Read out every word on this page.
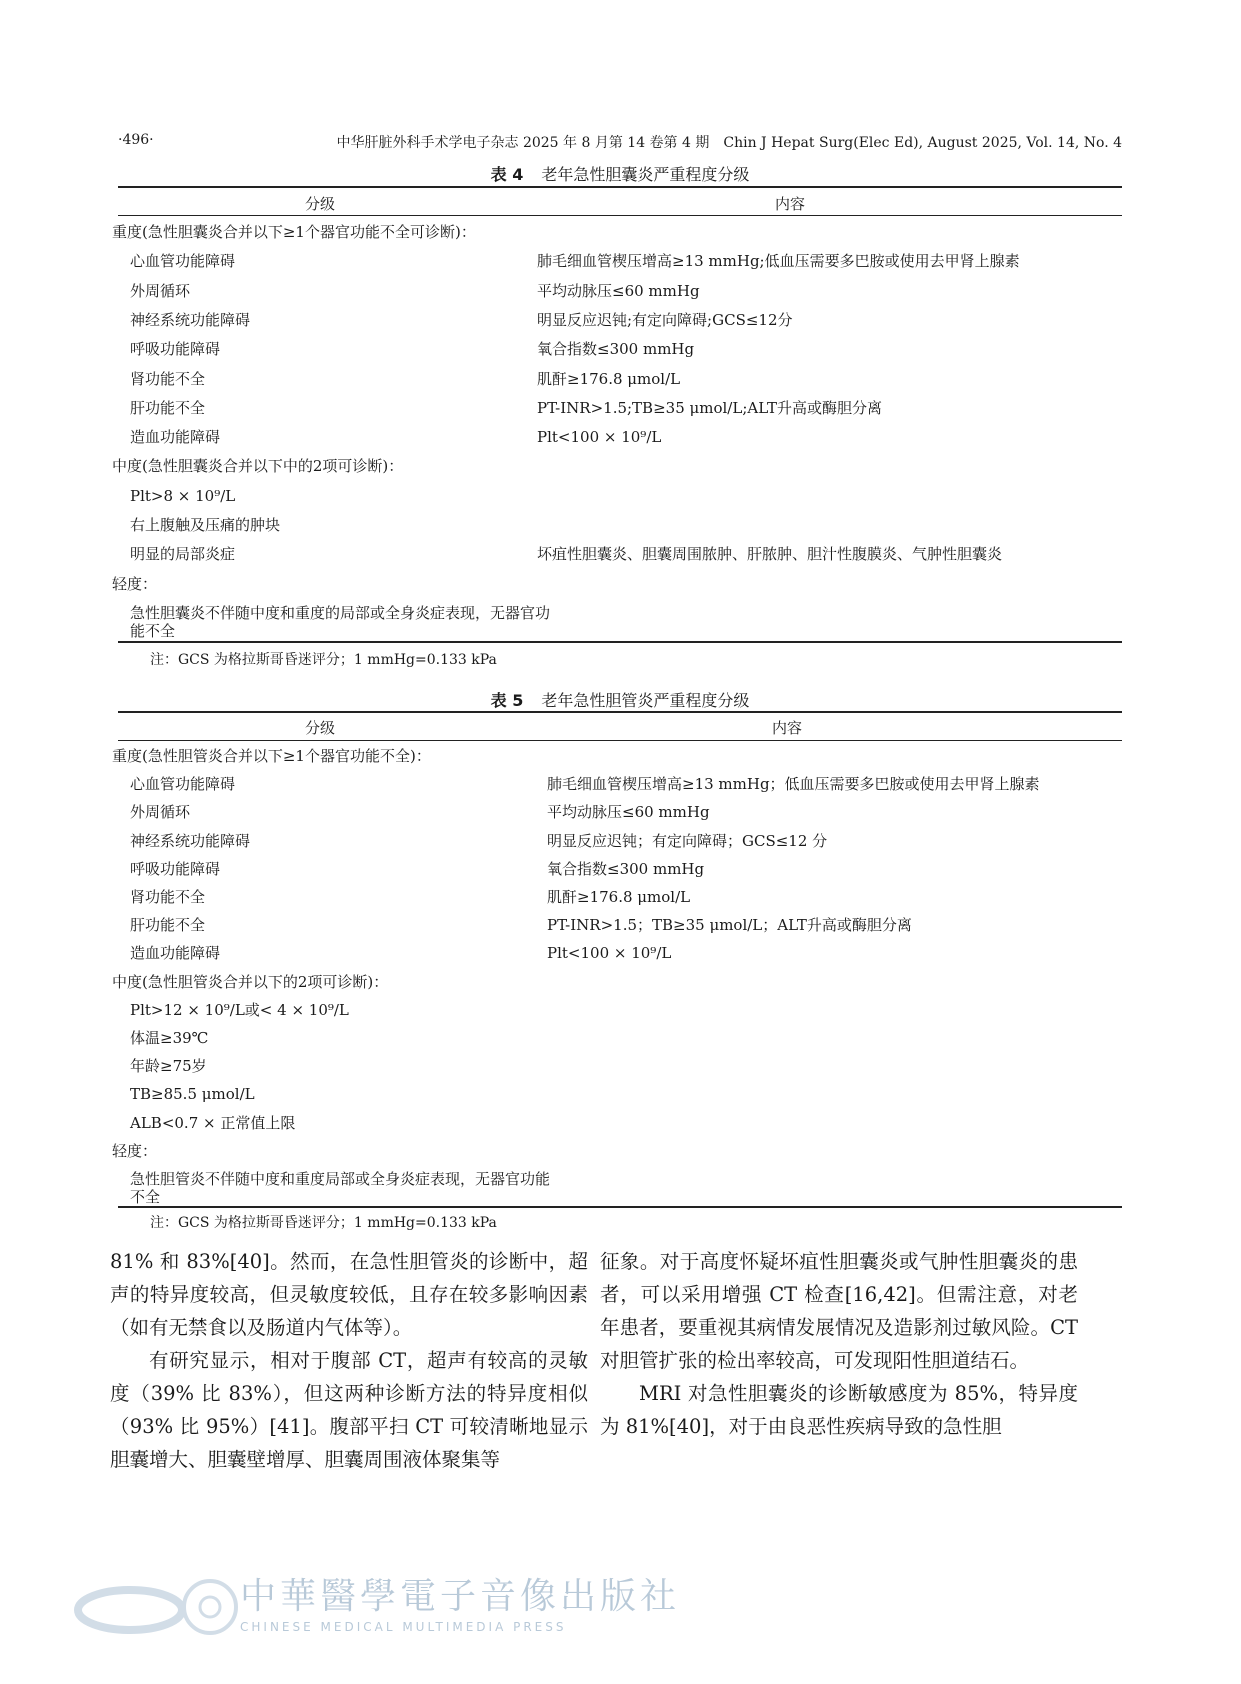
·496·	中华肝脏外科手术学电子杂志 2025 年 8 月第 14 卷第 4 期　Chin J Hepat Surg(Elec Ed), August 2025, Vol. 14, No. 4
表 4 老年急性胆囊炎严重程度分级
分级	内容
重度(急性胆囊炎合并以下≥1个器官功能不全可诊断)：
心血管功能障碍	肺毛细血管楔压增高≥13 mmHg;低血压需要多巴胺或使用去甲肾上腺素
外周循环	平均动脉压≤60 mmHg
神经系统功能障碍	明显反应迟钝;有定向障碍;GCS≤12分
呼吸功能障碍	氧合指数≤300 mmHg
肾功能不全	肌酐≥176.8 μmol/L
肝功能不全	PT-INR>1.5;TB≥35 μmol/L;ALT升高或酶胆分离
造血功能障碍	Plt<100 × 10⁹/L
中度(急性胆囊炎合并以下中的2项可诊断)：
Plt>8 × 10⁹/L
右上腹触及压痛的肿块
明显的局部炎症	坏疽性胆囊炎、胆囊周围脓肿、肝脓肿、胆汁性腹膜炎、气肿性胆囊炎
轻度：
急性胆囊炎不伴随中度和重度的局部或全身炎症表现，无器官功能不全
注：GCS 为格拉斯哥昏迷评分；1 mmHg=0.133 kPa
表 5 老年急性胆管炎严重程度分级
分级	内容
重度(急性胆管炎合并以下≥1个器官功能不全)：
心血管功能障碍	肺毛细血管楔压增高≥13 mmHg；低血压需要多巴胺或使用去甲肾上腺素
外周循环	平均动脉压≤60 mmHg
神经系统功能障碍	明显反应迟钝；有定向障碍；GCS≤12 分
呼吸功能障碍	氧合指数≤300 mmHg
肾功能不全	肌酐≥176.8 μmol/L
肝功能不全	PT-INR>1.5；TB≥35 μmol/L；ALT升高或酶胆分离
造血功能障碍	Plt<100 × 10⁹/L
中度(急性胆管炎合并以下的2项可诊断)：
Plt>12 × 10⁹/L或< 4 × 10⁹/L
体温≥39℃
年龄≥75岁
TB≥85.5 μmol/L
ALB<0.7 × 正常值上限
轻度：
急性胆管炎不伴随中度和重度局部或全身炎症表现，无器官功能不全
注：GCS 为格拉斯哥昏迷评分；1 mmHg=0.133 kPa

81% 和 83%[40]。然而，在急性胆管炎的诊断中，超声的特异度较高，但灵敏度较低，且存在较多影响因素（如有无禁食以及肠道内气体等）。

有研究显示，相对于腹部 CT，超声有较高的灵敏度（39% 比 83%），但这两种诊断方法的特异度相似（93% 比 95%）[41]。腹部平扫 CT 可较清晰地显示胆囊增大、胆囊壁增厚、胆囊周围液体聚集等

征象。对于高度怀疑坏疽性胆囊炎或气肿性胆囊炎的患者，可以采用增强 CT 检查[16,42]。但需注意，对老年患者，要重视其病情发展情况及造影剂过敏风险。CT 对胆管扩张的检出率较高，可发现阳性胆道结石。

MRI 对急性胆囊炎的诊断敏感度为 85%，特异度为 81%[40]，对于由良恶性疾病导致的急性胆

中華醫學電子音像出版社
CHINESE MEDICAL MULTIMEDIA PRESS
